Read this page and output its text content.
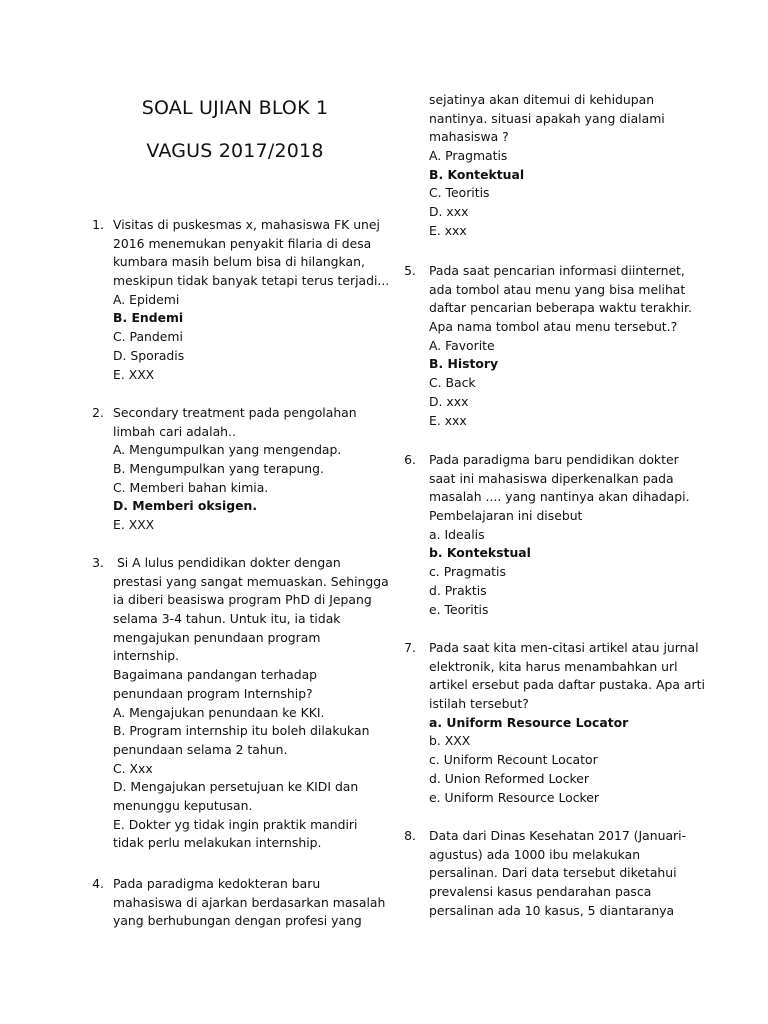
SOAL UJIAN BLOK 1
VAGUS 2017/2018
1. Visitas di puskesmas x, mahasiswa FK unej
2016 menemukan penyakit filaria di desa
kumbara masih belum bisa di hilangkan,
meskipun tidak banyak tetapi terus terjadi...
A. Epidemi
B. Endemi
C. Pandemi
D. Sporadis
E. XXX
2. Secondary treatment pada pengolahan
limbah cari adalah..
A. Mengumpulkan yang mengendap.
B. Mengumpulkan yang terapung.
C. Memberi bahan kimia.
D. Memberi oksigen.
E. XXX
3. Si A lulus pendidikan dokter dengan
prestasi yang sangat memuaskan. Sehingga
ia diberi beasiswa program PhD di Jepang
selama 3-4 tahun. Untuk itu, ia tidak
mengajukan penundaan program
internship.
Bagaimana pandangan terhadap
penundaan program Internship?
A. Mengajukan penundaan ke KKI.
B. Program internship itu boleh dilakukan
penundaan selama 2 tahun.
C. Xxx
D. Mengajukan persetujuan ke KIDI dan
menunggu keputusan.
E. Dokter yg tidak ingin praktik mandiri
tidak perlu melakukan internship.
4. Pada paradigma kedokteran baru
mahasiswa di ajarkan berdasarkan masalah
yang berhubungan dengan profesi yang
sejatinya akan ditemui di kehidupan
nantinya. situasi apakah yang dialami
mahasiswa ?
A. Pragmatis
B. Kontektual
C. Teoritis
D. xxx
E. xxx
5. Pada saat pencarian informasi diinternet,
ada tombol atau menu yang bisa melihat
daftar pencarian beberapa waktu terakhir.
Apa nama tombol atau menu tersebut.?
A. Favorite
B. History
C. Back
D. xxx
E. xxx
6. Pada paradigma baru pendidikan dokter
saat ini mahasiswa diperkenalkan pada
masalah .... yang nantinya akan dihadapi.
Pembelajaran ini disebut
a. Idealis
b. Kontekstual
c. Pragmatis
d. Praktis
e. Teoritis
7. Pada saat kita men-citasi artikel atau jurnal
elektronik, kita harus menambahkan url
artikel ersebut pada daftar pustaka. Apa arti
istilah tersebut?
a. Uniform Resource Locator
b. XXX
c. Uniform Recount Locator
d. Union Reformed Locker
e. Uniform Resource Locker
8. Data dari Dinas Kesehatan 2017 (Januari-
agustus) ada 1000 ibu melakukan
persalinan. Dari data tersebut diketahui
prevalensi kasus pendarahan pasca
persalinan ada 10 kasus, 5 diantaranya
